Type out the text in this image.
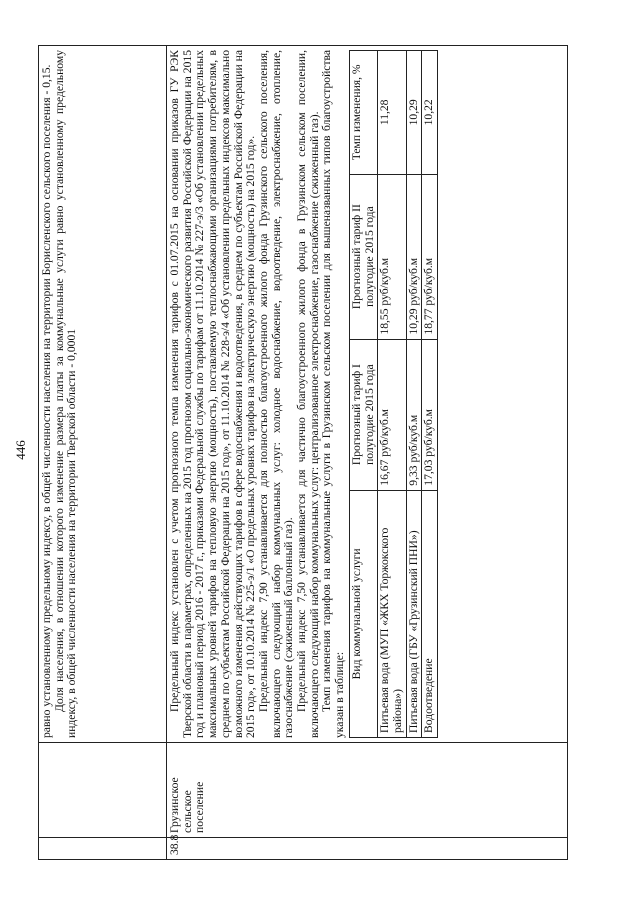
446
		равно установленному предельному индексу, в общей численности населения на территории Борисленского сельского поселения - 0,15. Доля населения, в отношении которого изменение размера платы за коммунальные услуги равно установленному предельному индексу, в общей численности населения на территории Тверской области - 0,0001

38.8	Грузинское сельское поселение	

Предельный индекс установлен с учетом прогнозного темпа изменения тарифов с 01.07.2015 на основании приказов ГУ РЭК Тверской области в параметрах, определенных на 2015 год прогнозом социально-экономического развития Российской Федерации на 2015 год и плановый период 2016 - 2017 г., приказами Федеральной службы по тарифам от 11.10.2014 № 227-э/3 «Об установлении предельных максимальных уровней тарифов на тепловую энергию (мощность), поставляемую теплоснабжающими организациями потребителям, в среднем по субъектам Российской Федерации на 2015 год», от 11.10.2014 № 228-э/4 «Об установлении предельных индексов максимально возможного изменения действующих тарифов в сфере водоснабжения и водоотведения, в среднем по субъектам Российской Федерации на 2015 год», от 10.10.2014 № 225-э/1 «О предельных уровнях тарифов на электрическую энергию (мощность) на 2015 год». Предельный индекс 7,90 устанавливается для полностью благоустроенного жилого фонда Грузинского сельского поселения, включающего следующий набор коммунальных услуг: холодное водоснабжение, водоотведение, электроснабжение, отопление, газоснабжение (сжиженный баллонный газ). Предельный индекс 7,50 устанавливается для частично благоустроенного жилого фонда в Грузинском сельском поселении, включающего следующий набор коммунальных услуг: централизованное электроснабжение, газоснабжение (сжиженный газ). Темп изменения тарифов на коммунальные услуги в Грузинском сельском поселении для вышеназванных типов благоустройства указан в таблице:

Вид коммунальной услуги	Прогнозный тариф I полугодие 2015 года	Прогнозный тариф II полугодие 2015 года	Темп изменения, %
Питьевая вода (МУП «ЖКХ Торжокского района»)	16,67 руб/куб.м	18,55 руб/куб.м	11,28
Питьевая вода (ГБУ «Грузинский ПНИ»)	9,33 руб/куб.м	10,29 руб/куб.м	10,29
Водоотведение	17,03 руб/куб.м	18,77 руб/куб.м	10,22
